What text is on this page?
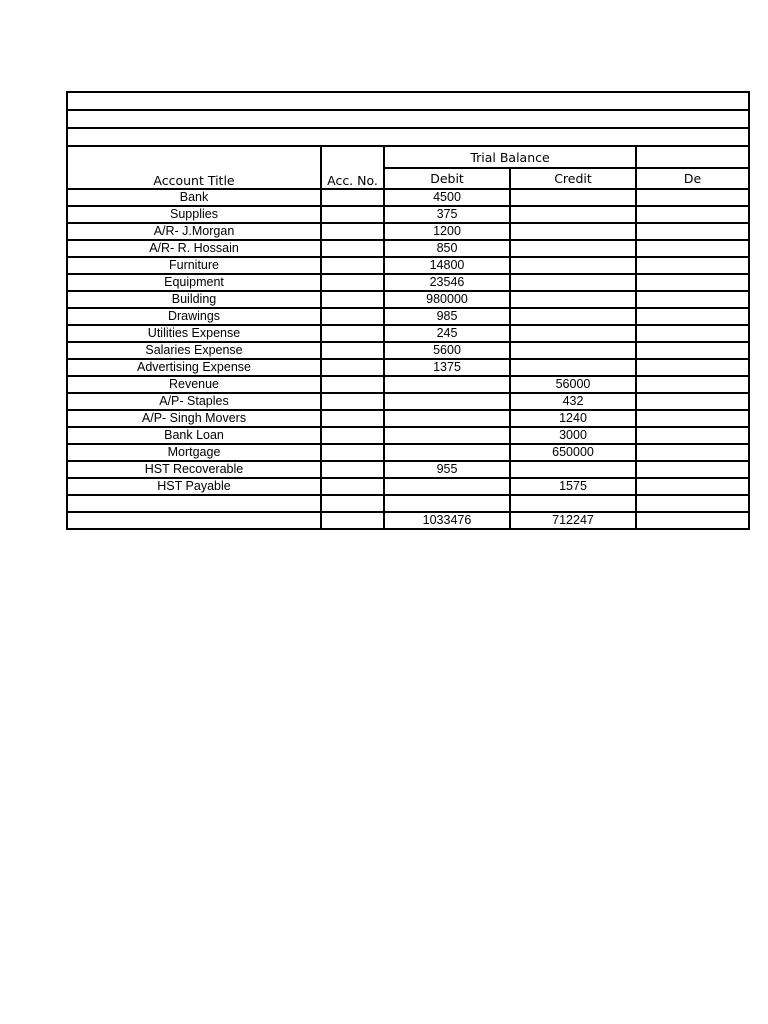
Account Title	Acc. No.	Trial Balance		
		Debit	Credit	De
Bank		4500		
Supplies		375		
A/R- J.Morgan		1200		
A/R- R. Hossain		850		
Furniture		14800		
Equipment		23546		
Building		980000		
Drawings		985		
Utilities Expense		245		
Salaries Expense		5600		
Advertising Expense		1375		
Revenue			56000	
A/P- Staples			432	
A/P- Singh Movers			1240	
Bank Loan			3000	
Mortgage			650000	
HST Recoverable		955		
HST Payable			1575	

		1033476	712247	
